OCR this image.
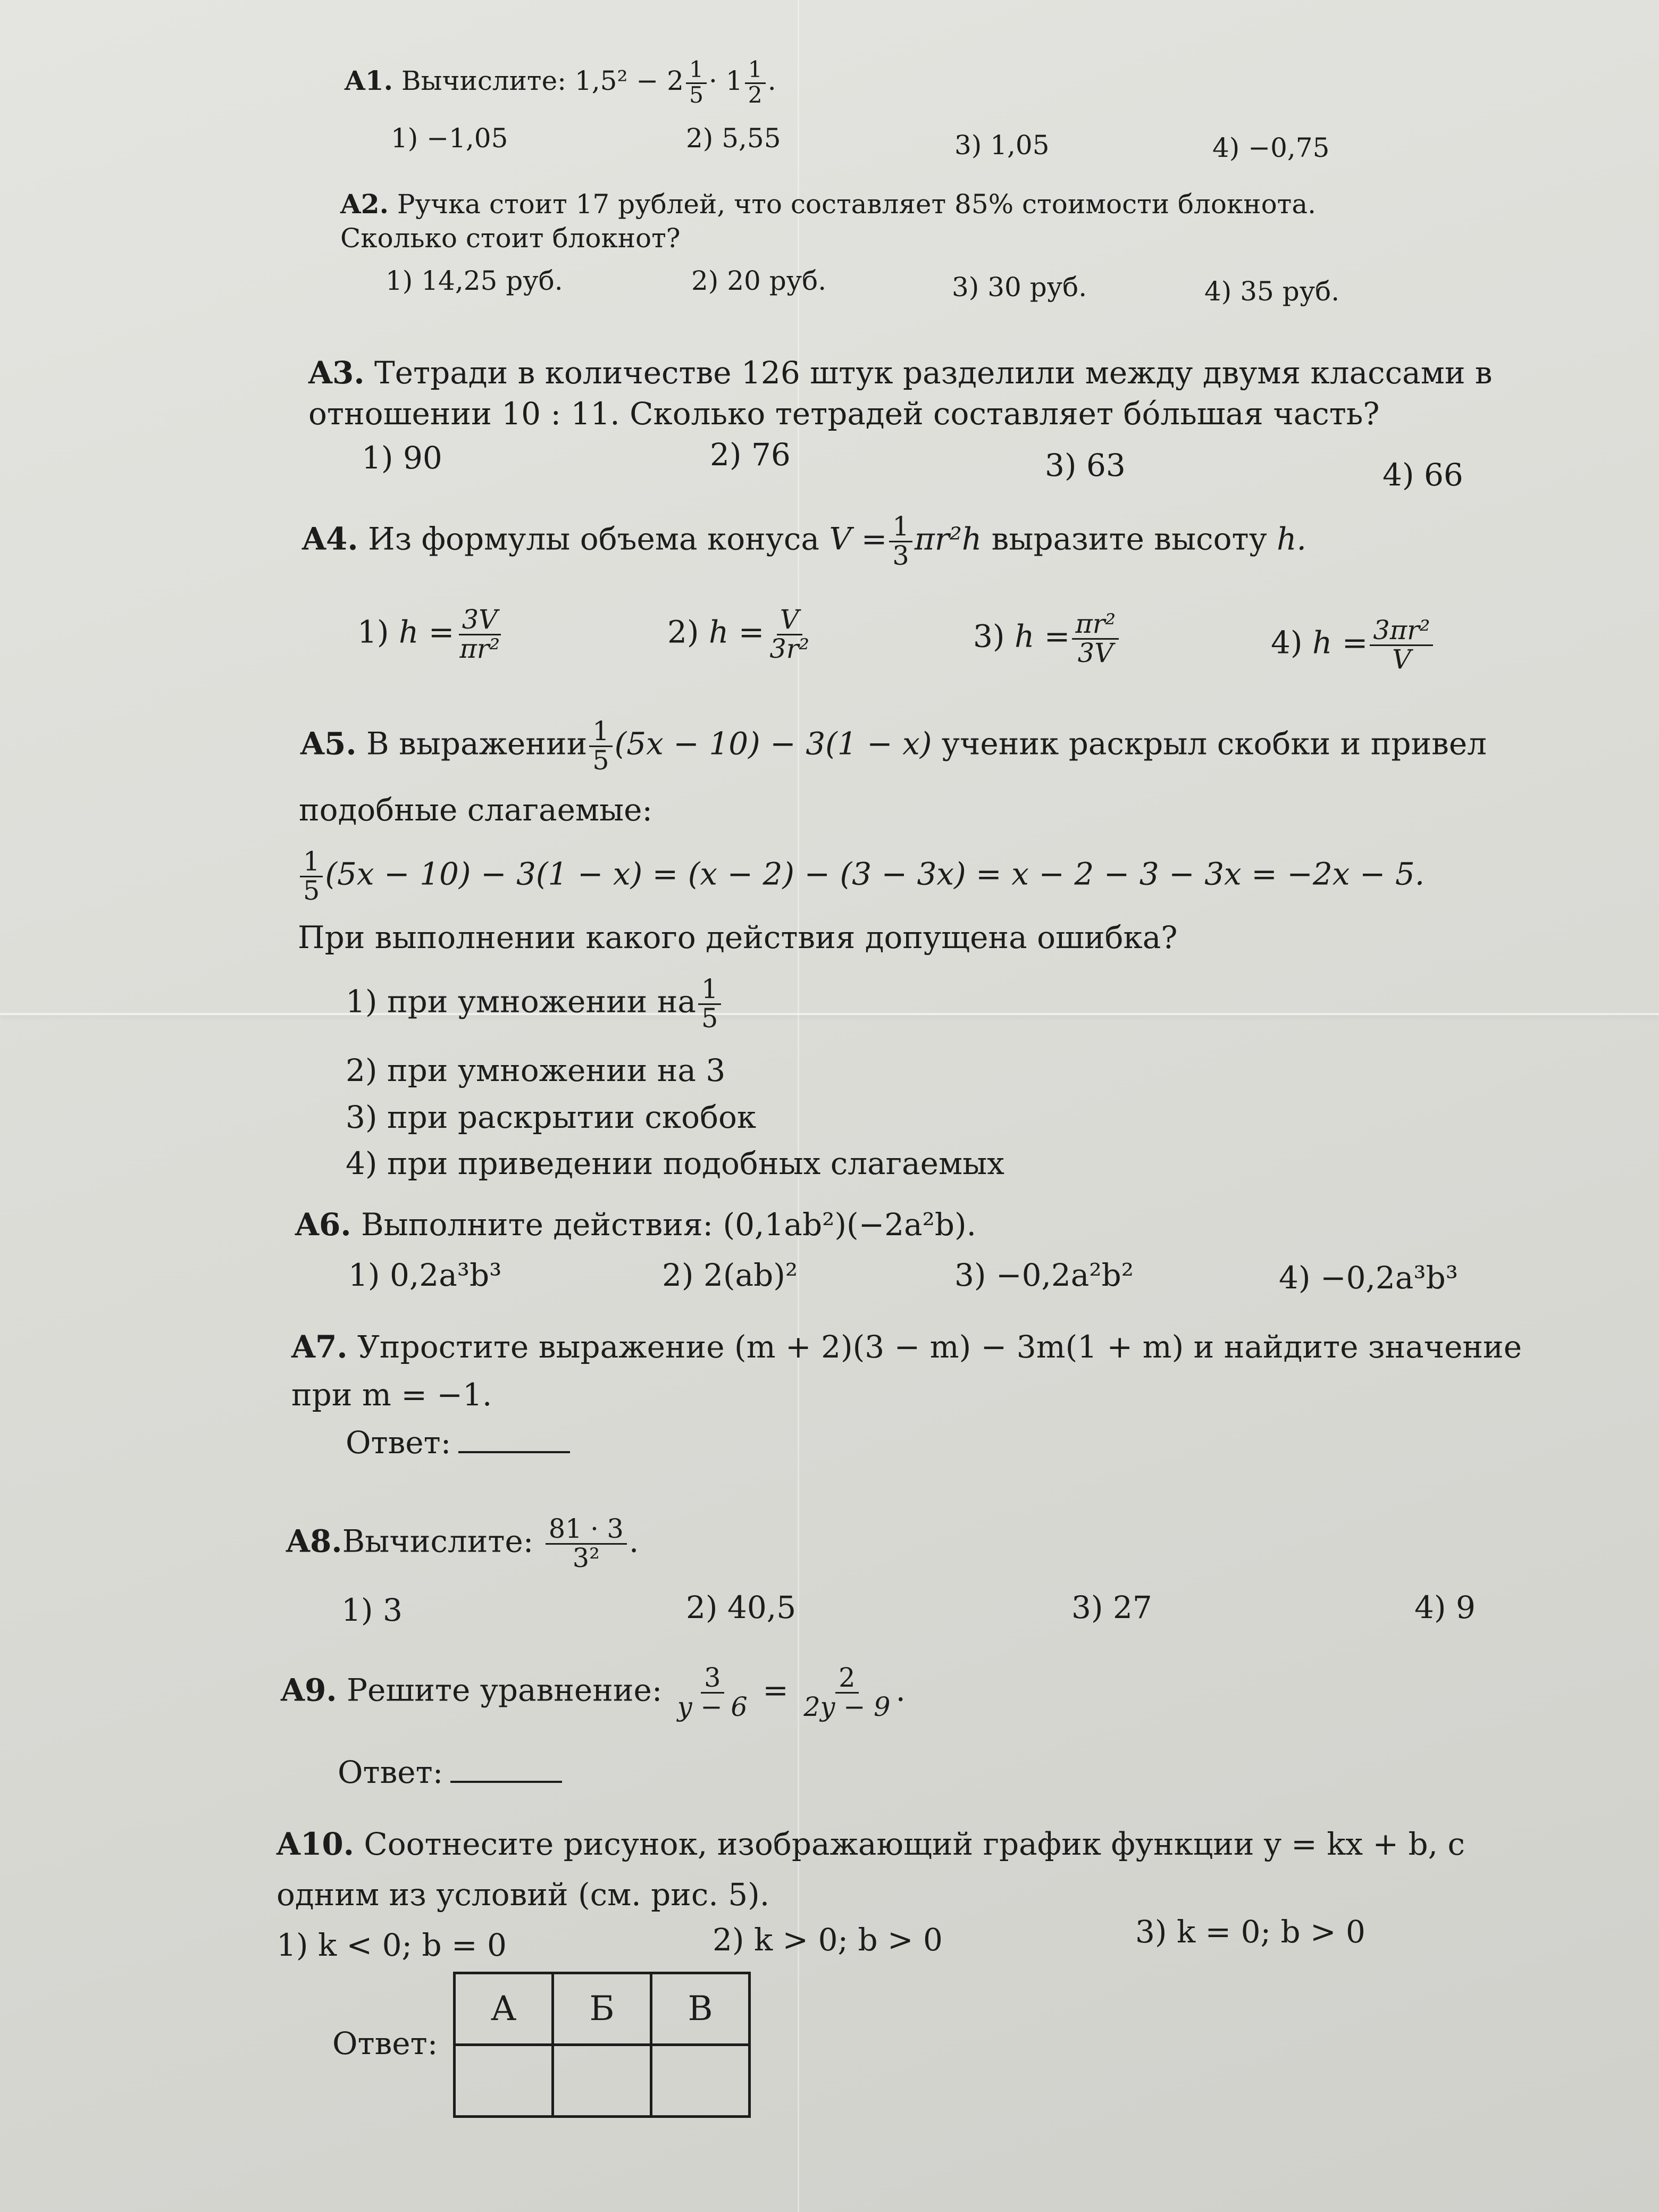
A1. Вычислите: $1,5^2 - 2 \frac{1}{5} \cdot 1 \frac{1}{2}$ .
1) −1,05	2) 5,55	3) 1,05	4) −0,75
A2. Ручка стоит 17 рублей, что составляет 85% стоимости блокнота.
Сколько стоит блокнот?
1) 14,25 руб.	2) 20 руб.	3) 30 руб.	4) 35 руб.
A3. Тетради в количестве 126 штук разделили между двумя классами в
отношении 10 : 11. Сколько тетрадей составляет бóльшая часть?
1) 90	2) 76	3) 63	4) 66
A4. Из формулы объема конуса $V = \frac{1}{3} \pi r^2h$ выразите высоту h.
1) $h = \frac{3V}{\text{πr²}}$	2) $h = \frac{V}{\text{3r²}}$	3) $h = \frac{\text{πr²}}{3V}$	4) $h = \frac{\text{3πr²}}{V}$
A5. В выражении $\frac{1}{5} (5x - 10) - 3(1 - x)$ ученик раскрыл скобки и привел
подобные слагаемые:
$\frac{1}{5} (5x - 10) - 3(1 - x) = (x - 2) - (3 - 3x) = x - 2 - 3 - 3x = -2x - 5$.
При выполнении какого действия допущена ошибка?
1) при умножении на $\frac{1}{5}$
2) при умножении на 3
3) при раскрытии скобок
4) при приведении подобных слагаемых
A6. Выполните действия: (0,1ab²)(−2a²b).
1) 0,2a³b³	2) 2(ab)²	3) −0,2a²b²	4) −0,2a³b³
A7. Упростите выражение (m + 2)(3 − m) − 3m(1 + m) и найдите значение
при m = −1.
Ответ:
A8.Вычислите: $\frac{81 \cdot 3}{\text{3²}}$ .
1) 3	2) 40,5	3) 27	4) 9
A9. Решите уравнение: $\frac{3}{y - 6} = \frac{2}{2y - 9}$ .
Ответ:
A10. Соотнесите рисунок, изображающий график функции y = kx + b, с
одним из условий (см. рис. 5).
1) k < 0; b = 0	2) k > 0; b > 0	3) k = 0; b > 0
Ответ:
А	Б	В
